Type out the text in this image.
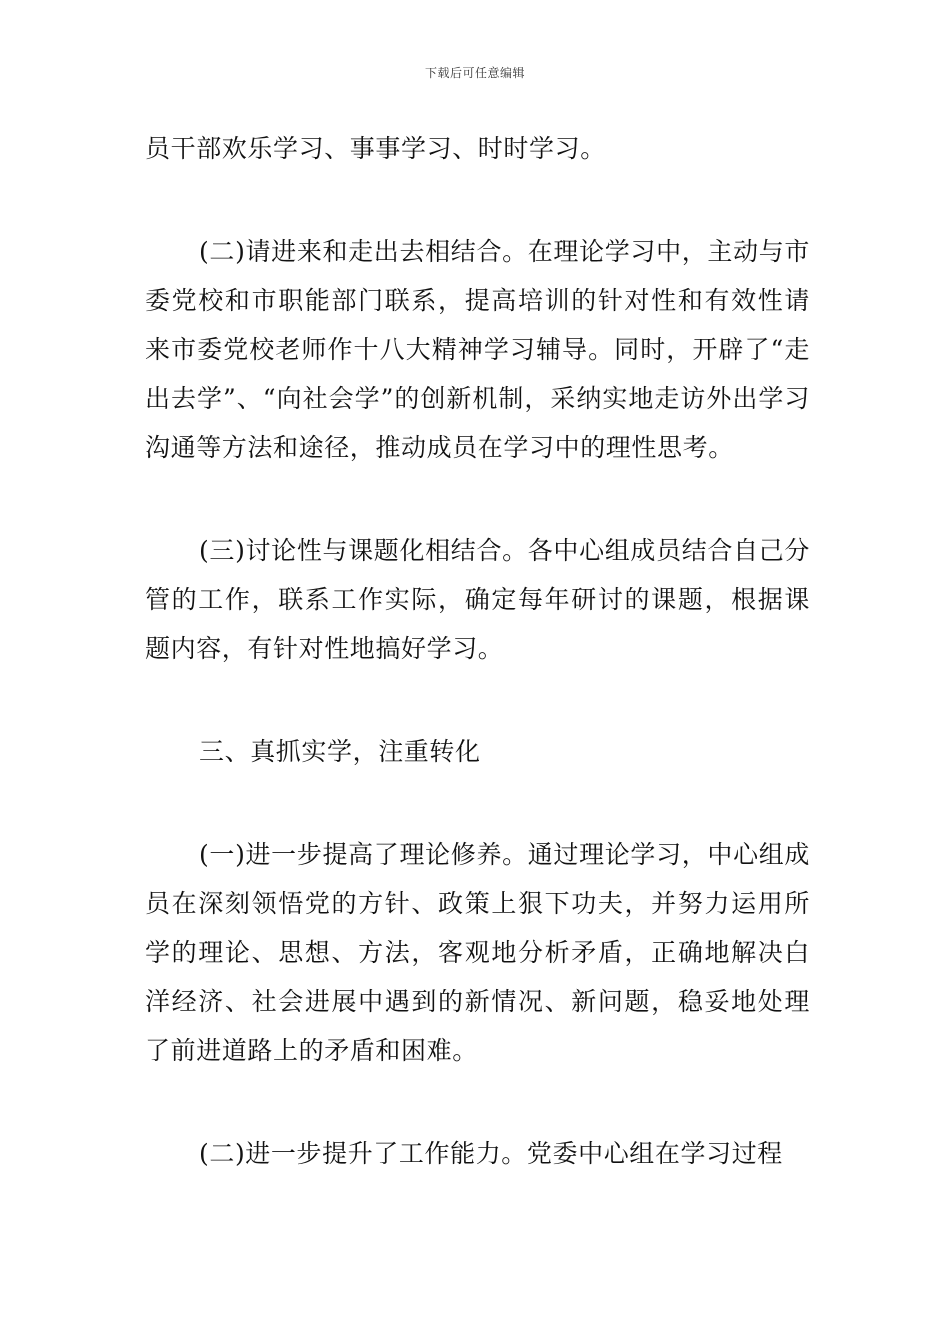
下载后可任意编辑

员干部欢乐学习、事事学习、时时学习。

(二)请进来和走出去相结合。在理论学习中，主动与市委党校和市职能部门联系，提高培训的针对性和有效性请来市委党校老师作十八大精神学习辅导。同时，开辟了“走出去学”、“向社会学”的创新机制，采纳实地走访外出学习沟通等方法和途径，推动成员在学习中的理性思考。

(三)讨论性与课题化相结合。各中心组成员结合自己分管的工作，联系工作实际，确定每年研讨的课题，根据课题内容，有针对性地搞好学习。

三、真抓实学，注重转化

(一)进一步提高了理论修养。通过理论学习，中心组成员在深刻领悟党的方针、政策上狠下功夫，并努力运用所学的理论、思想、方法，客观地分析矛盾，正确地解决白洋经济、社会进展中遇到的新情况、新问题，稳妥地处理了前进道路上的矛盾和困难。

(二)进一步提升了工作能力。党委中心组在学习过程
